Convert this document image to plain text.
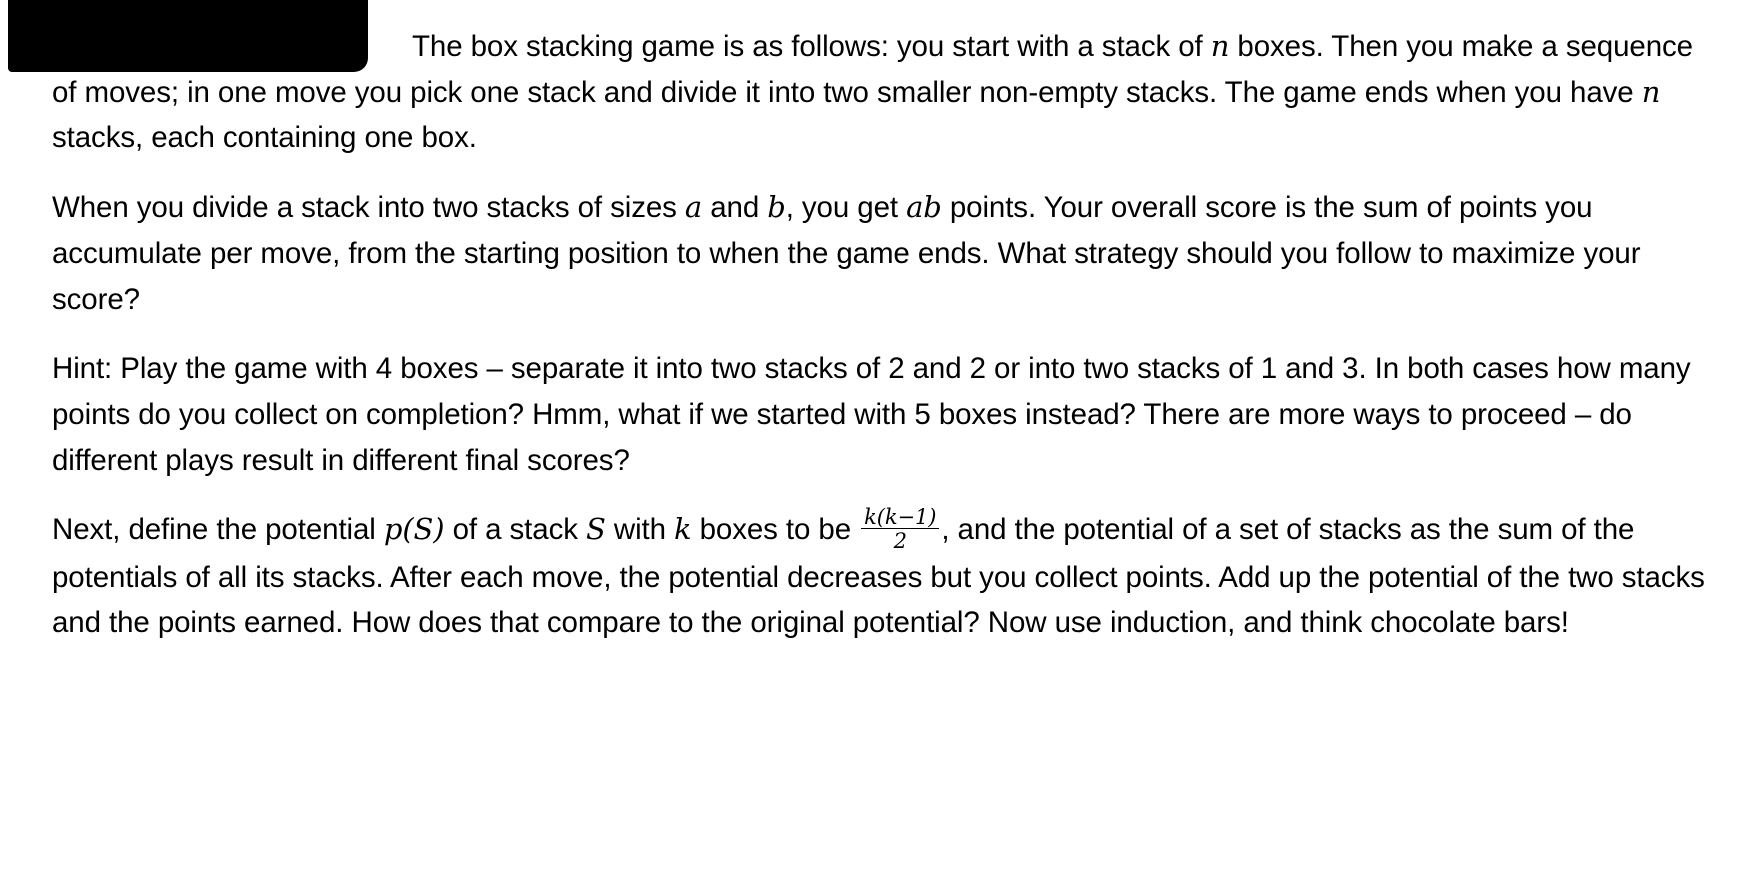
The box stacking game is as follows: you start with a stack of n boxes. Then you make a sequence of moves; in one move you pick one stack and divide it into two smaller non-empty stacks. The game ends when you have n stacks, each containing one box.

When you divide a stack into two stacks of sizes a and b, you get ab points. Your overall score is the sum of points you accumulate per move, from the starting position to when the game ends. What strategy should you follow to maximize your score?

Hint: Play the game with 4 boxes – separate it into two stacks of 2 and 2 or into two stacks of 1 and 3. In both cases how many points do you collect on completion? Hmm, what if we started with 5 boxes instead? There are more ways to proceed – do different plays result in different final scores?

Next, define the potential p(S) of a stack S with k boxes to be $\frac{k(k-1)}{2}$ , and the potential of a set of stacks as the sum of the potentials of all its stacks. After each move, the potential decreases but you collect points. Add up the potential of the two stacks and the points earned. How does that compare to the original potential? Now use induction, and think chocolate bars!
